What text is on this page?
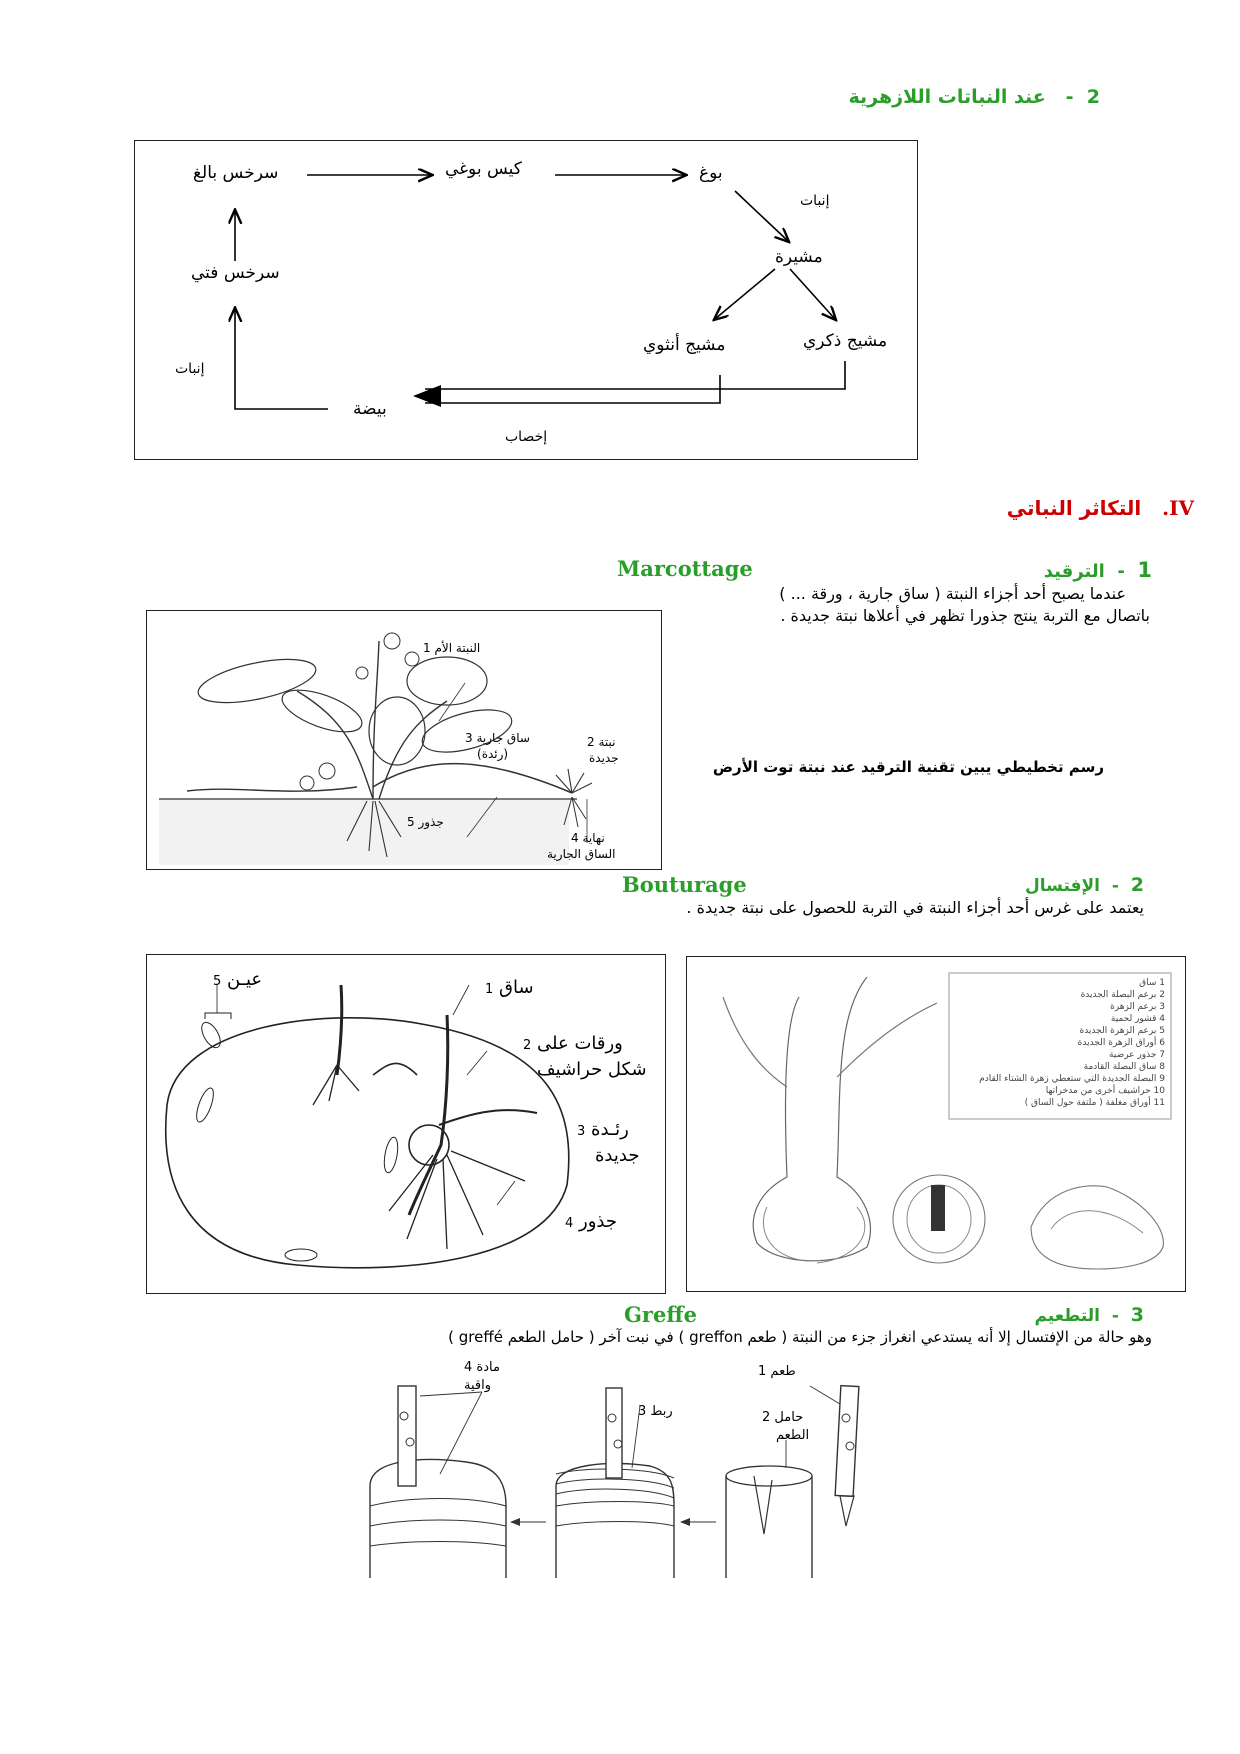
2  -   عند النباتات اللازهرية
سرخس بالغ	كيس بوغي	بوغ
إنبات
مشيرة
مشيج ذكري
مشيج أنثوي
بيضة
إخصاب
إنبات
سرخس فتي
IV.   التكاثر النباتي
1  -  الترقيد
Marcottage
عندما يصبح أحد أجزاء النبتة ( ساق جارية ، ورقة ... )
باتصال مع التربة ينتج جذورا تظهر في أعلاها نبتة جديدة .
النبتة الأم 1
ساق جارية 3
(رئدة)
2 نبتة
جديدة
جذور 5
4 نهاية
الساق الجارية
رسم تخطيطي يبين تقنية الترقيد عند نبتة توت الأرض
2  -  الإفتسال
Bouturage
يعتمد على غرس أحد أجزاء النبتة في التربة للحصول على نبتة جديدة .
5 عيـن	1 ساق
2 ورقات على
شكل حراشيف
3 رئـدة
جديدة
4 جذور
1 ساق
2 برعم البصلة الجديدة
3 برعم الزهرة
4 قشور لحمية
5 برعم الزهرة الجديدة
6 أوراق الزهرة الجديدة
7 جذور عرضية
8 ساق البصلة القادمة
9 البصلة الجديدة التي ستعطي زهرة الشتاء القادم
10 حراشيف أخرى من مدخراتها
11 أوراق مغلفة ( ملتفة حول الساق )
3  -  التطعيم
Greffe
وهو حالة من الإفتسال إلا أنه يستدعي انغراز جزء من النبتة ( طعم greffon ) في نبت آخر ( حامل الطعم greffé )
1 طعم
2 حامل
الطعم
3 ربط
4 مادة
واقية
